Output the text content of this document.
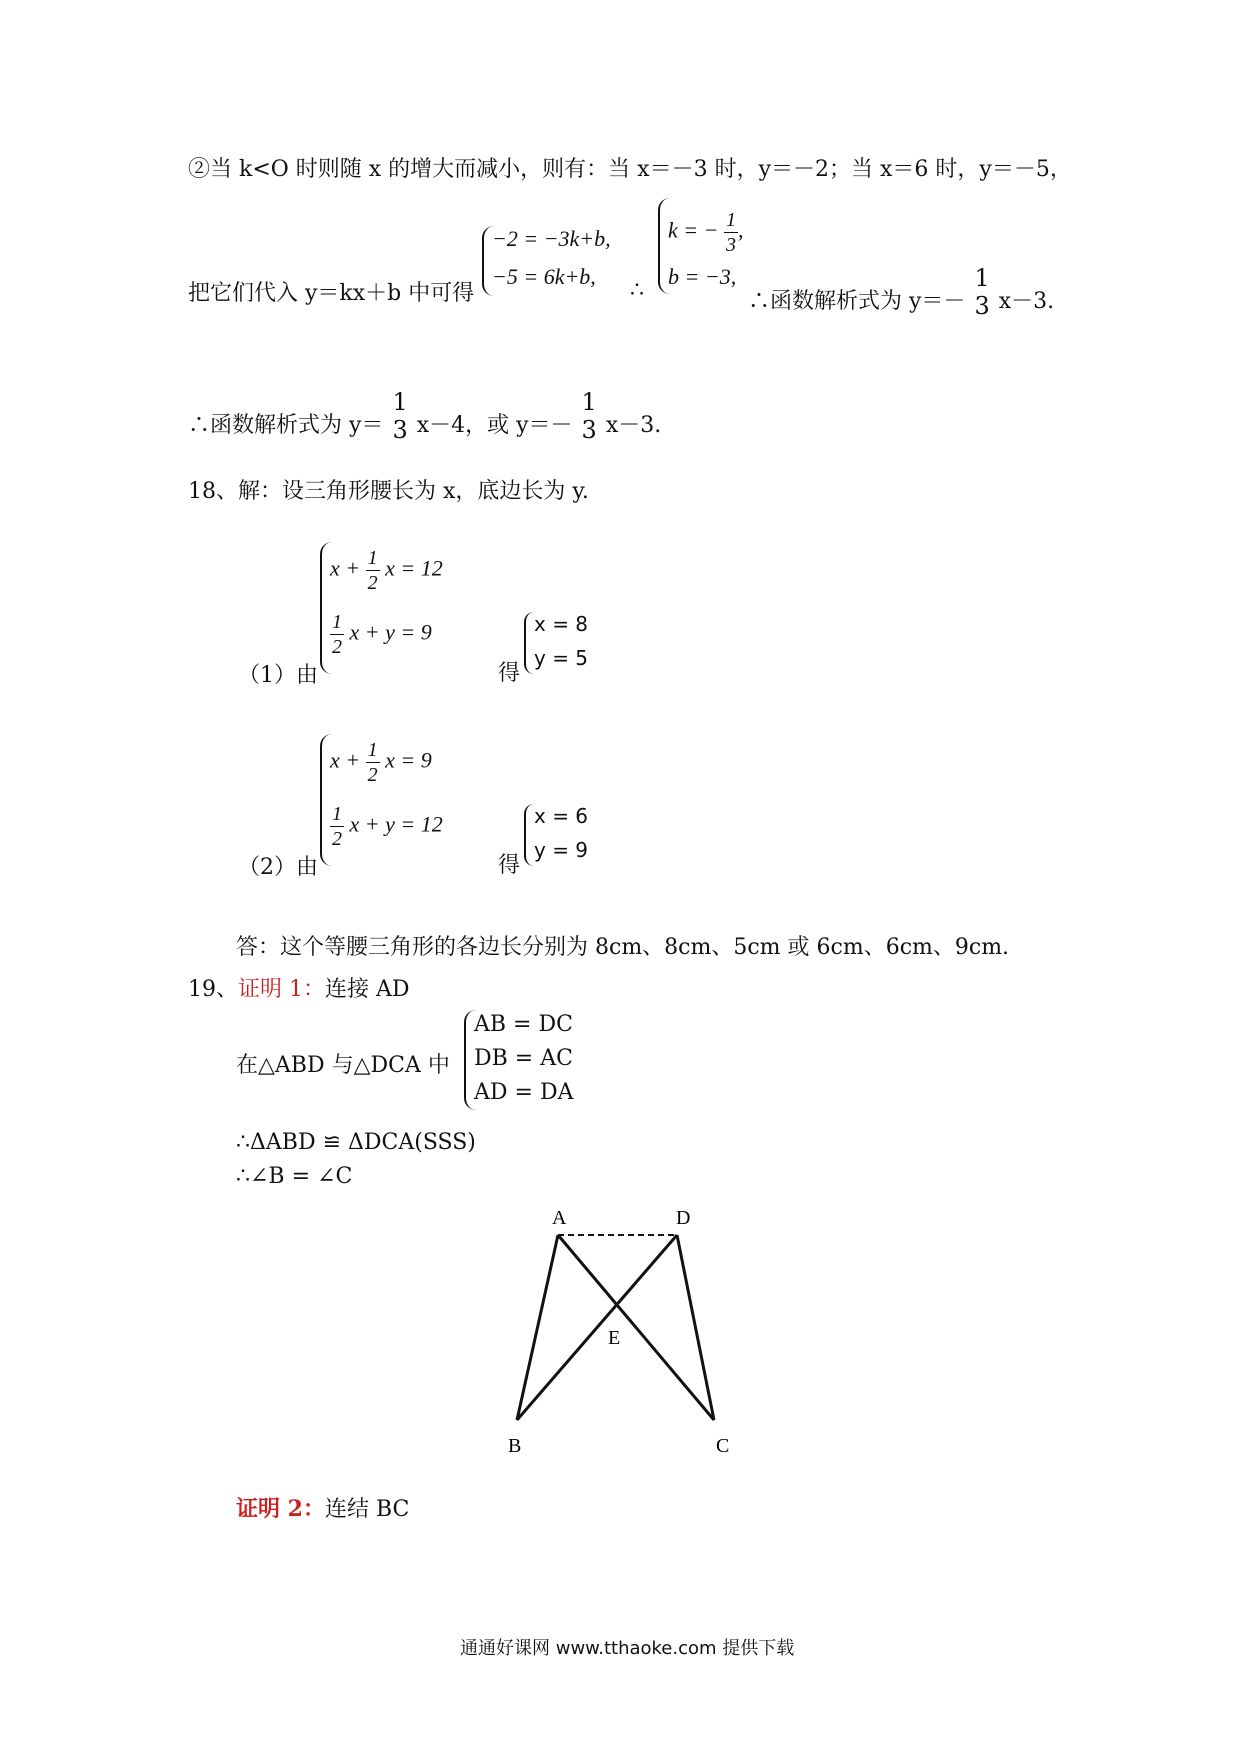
②当 k<O 时则随 x 的增大而减小，则有：当 x＝－3 时，y＝－2；当 x＝6 时，y＝－5，
把它们代入 y＝kx＋b 中可得
−2 = −3k+b,
−5 = 6k+b,
∴
k = − $\frac{1}{3}$ ,
b = −3,
∴函数解析式为 y＝－
1
3 x－3.
∴函数解析式为 y＝
1
3 x－4，或 y＝－
1
3 x－3.
18、解：设三角形腰长为 x，底边长为 y.
$x + \frac{1}{2}$ x = 12
$\frac{1}{2}$ x + y = 9
（1）由	得
x = 8
y = 5
$x + \frac{1}{2}$ x = 9
$\frac{1}{2}$ x + y = 12
（2）由	得
x = 6
y = 9
答：这个等腰三角形的各边长分别为 8cm、8cm、5cm 或 6cm、6cm、9cm.
19、证明 1：连接 AD
在△ABD 与△DCA 中
AB = DC
DB = AC
AD = DA
∴ΔABD ≌ ΔDCA(SSS)
∴∠B = ∠C
A	D
E
B	C
证明 2：连结 BC
通通好课网 www.tthaoke.com 提供下载
